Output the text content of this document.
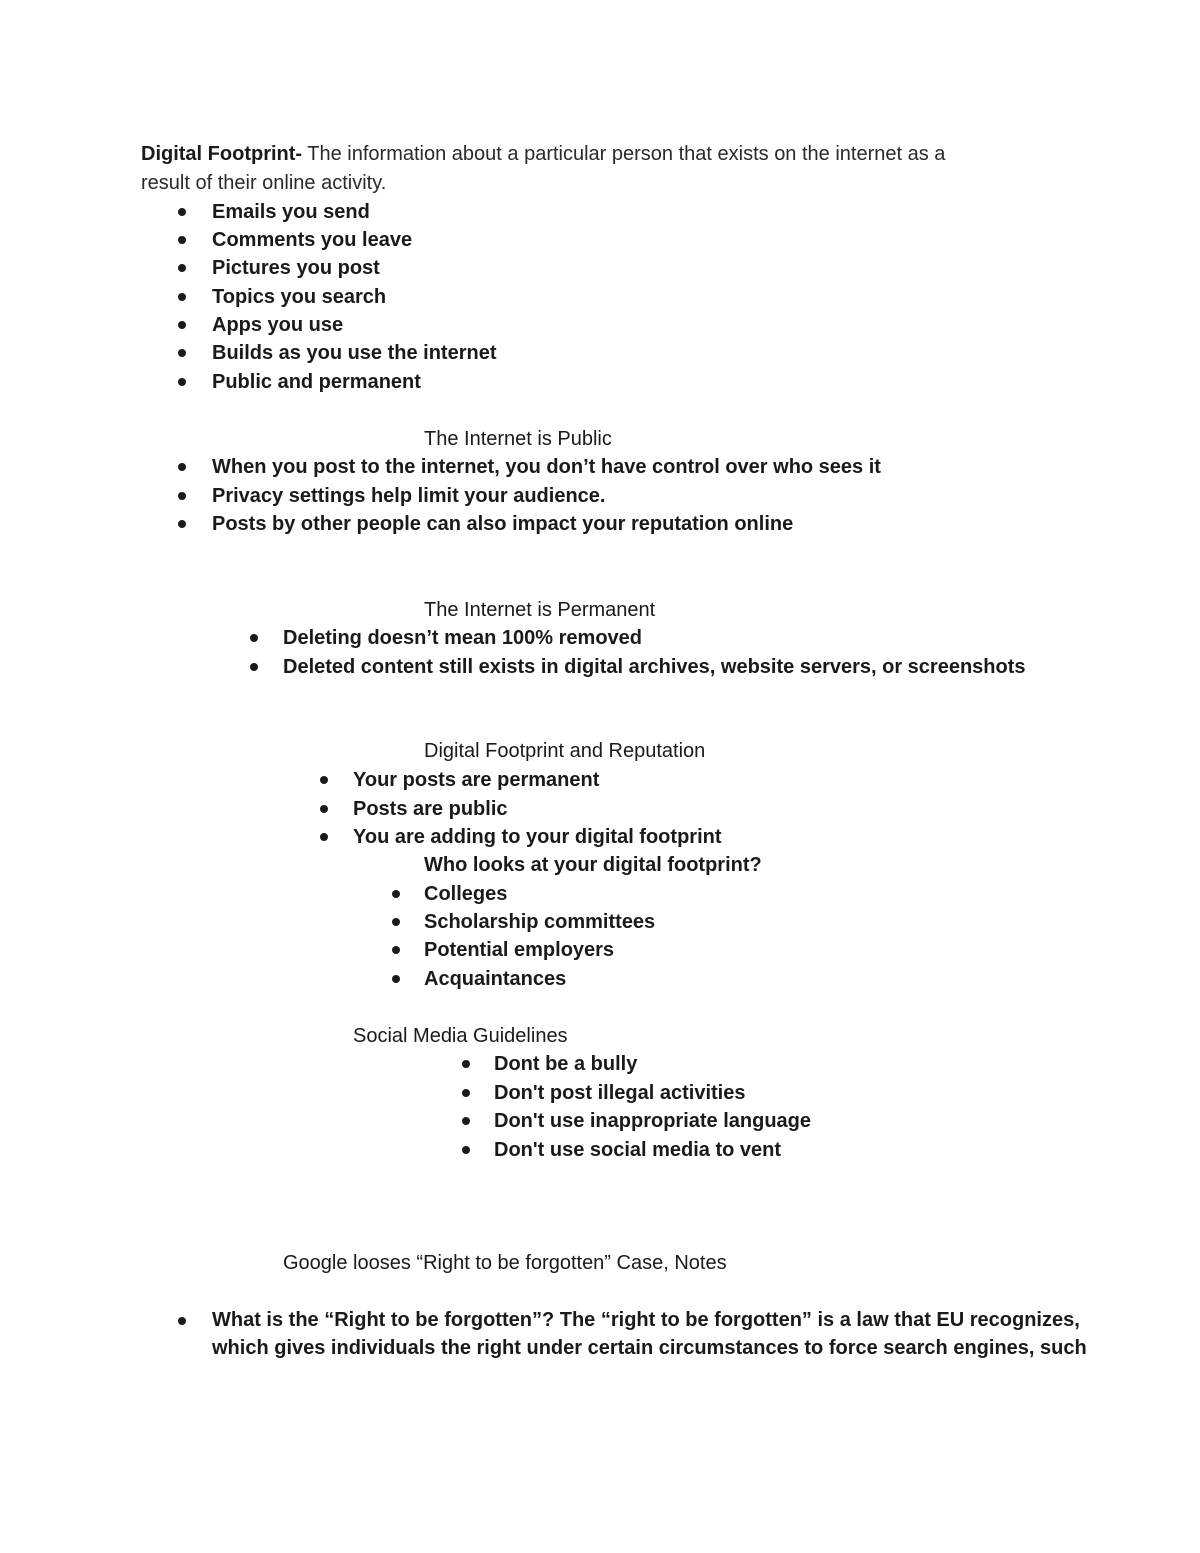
Digital Footprint- The information about a particular person that exists on the internet as a
result of their online activity.
Emails you send
Comments you leave
Pictures you post
Topics you search
Apps you use
Builds as you use the internet
Public and permanent
The Internet is Public
When you post to the internet, you don’t have control over who sees it
Privacy settings help limit your audience.
Posts by other people can also impact your reputation online
The Internet is Permanent
Deleting doesn’t mean 100% removed
Deleted content still exists in digital archives, website servers, or screenshots
Digital Footprint and Reputation
Your posts are permanent
Posts are public
You are adding to your digital footprint
Who looks at your digital footprint?
Colleges
Scholarship committees
Potential employers
Acquaintances
Social Media Guidelines
Dont be a bully
Don't post illegal activities
Don't use inappropriate language
Don't use social media to vent
Google looses “Right to be forgotten” Case, Notes
What is the “Right to be forgotten”? The “right to be forgotten” is a law that EU recognizes,
which gives individuals the right under certain circumstances to force search engines, such
